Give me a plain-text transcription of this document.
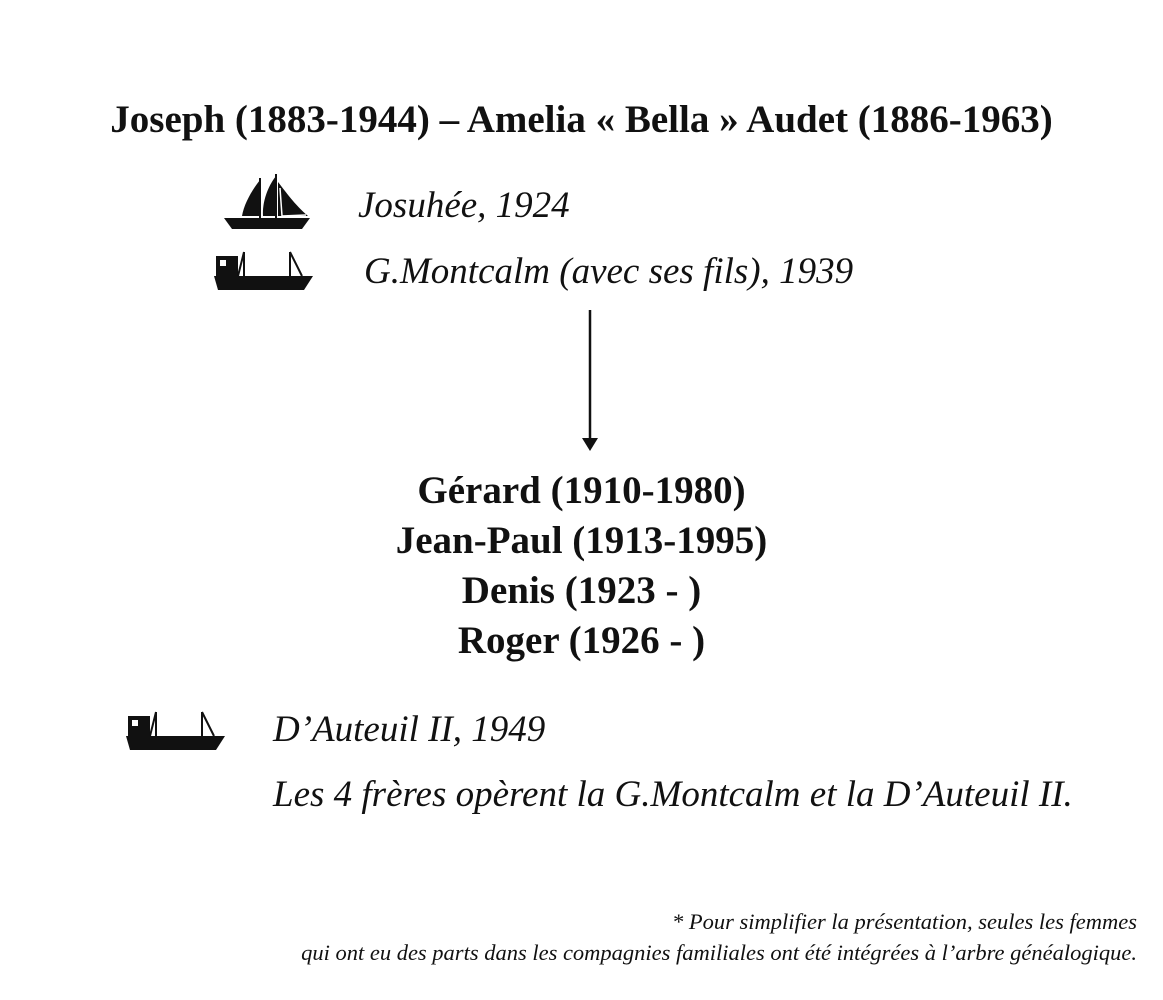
Joseph (1883-1944) – Amelia « Bella » Audet (1886-1963)
Josuhée, 1924
G.Montcalm (avec ses fils), 1939
Gérard (1910-1980)
Jean-Paul (1913-1995)
Denis (1923 - )
Roger (1926 - )
D’Auteuil II, 1949
Les 4 frères opèrent la G.Montcalm et la D’Auteuil II.
* Pour simplifier la présentation, seules les femmes
qui ont eu des parts dans les compagnies familiales ont été intégrées à l’arbre généalogique.
